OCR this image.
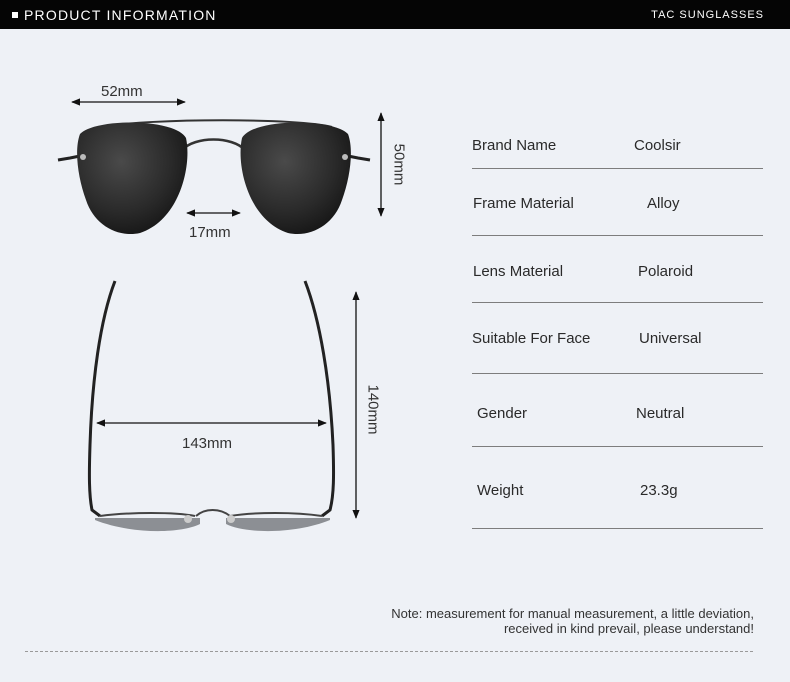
PRODUCT INFORMATION	TAC SUNGLASSES
52mm
17mm
50mm
143mm
140mm
Brand Name	Coolsir
Frame Material	Alloy
Lens Material	Polaroid
Suitable For Face	Universal
Gender	Neutral
Weight	23.3g
Note: measurement for manual measurement, a little deviation,
received in kind prevail, please understand!
